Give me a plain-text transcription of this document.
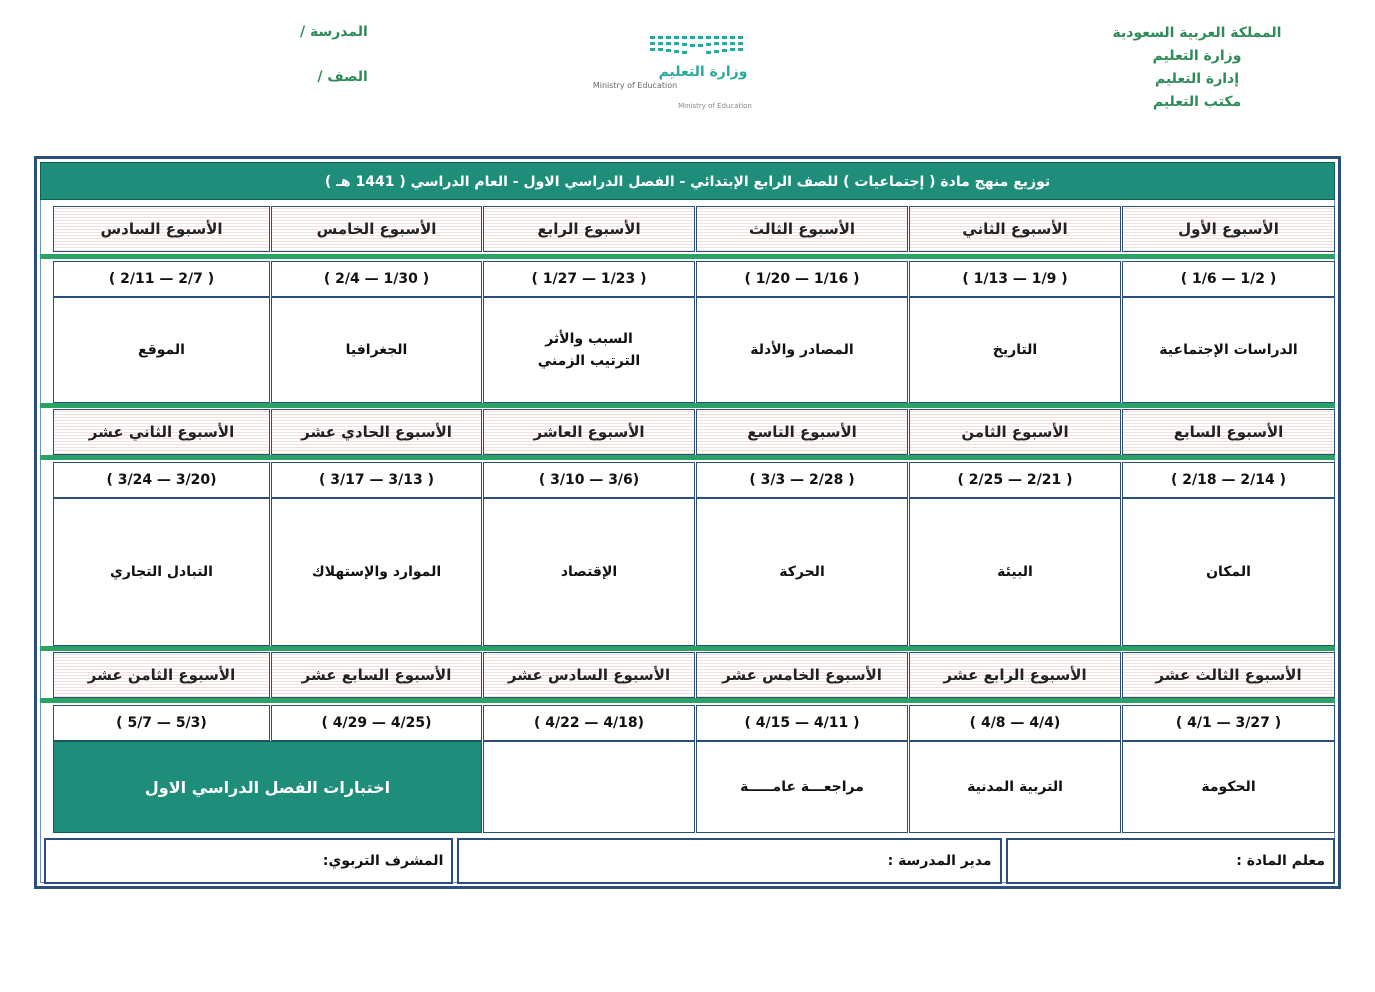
المملكة العربية السعودية
وزارة التعليم
إدارة التعليم
مكتب التعليم
المدرسة /
الصف /	وزارة التعليم
Ministry of Education
Ministry of Education
توزيع منهج مادة ( إجتماعيات ) للصف الرابع الإبتدائي - الفصل الدراسي الاول - العام الدراسي ( 1441 هـ )
الأسبوع الأول
الأسبوع الثاني
الأسبوع الثالث
الأسبوع الرابع
الأسبوع الخامس
الأسبوع السادس
( 1/2 — 1/6 )
( 1/9 — 1/13 )
( 1/16 — 1/20 )
( 1/23 — 1/27 )
( 1/30 — 2/4 )
( 2/7 — 2/11 )
الدراسات الإجتماعية
التاريخ
المصادر والأدلة
السبب والأثر
الترتيب الزمني
الجغرافيا
الموقع
الأسبوع السابع
الأسبوع الثامن
الأسبوع التاسع
الأسبوع العاشر
الأسبوع الحادي عشر
الأسبوع الثاني عشر
( 2/14 — 2/18 )
( 2/21 — 2/25 )
( 2/28 — 3/3 )
(3/6 — 3/10 )
( 3/13 — 3/17 )
(3/20 — 3/24 )
المكان
البيئة
الحركة
الإقتصاد
الموارد والإستهلاك
التبادل التجاري
الأسبوع الثالث عشر
الأسبوع الرابع عشر
الأسبوع الخامس عشر
الأسبوع السادس عشر
الأسبوع السابع عشر
الأسبوع الثامن عشر
( 3/27 — 4/1 )
(4/4 — 4/8 )
( 4/11 — 4/15 )
(4/18 — 4/22 )
(4/25 — 4/29 )
(5/3 — 5/7 )
الحكومة
التربية المدنية
مراجعـــة عامـــــة
اختبارات الفصل الدراسي الاول
معلم المادة :
مدير المدرسة :
المشرف التربوي:
